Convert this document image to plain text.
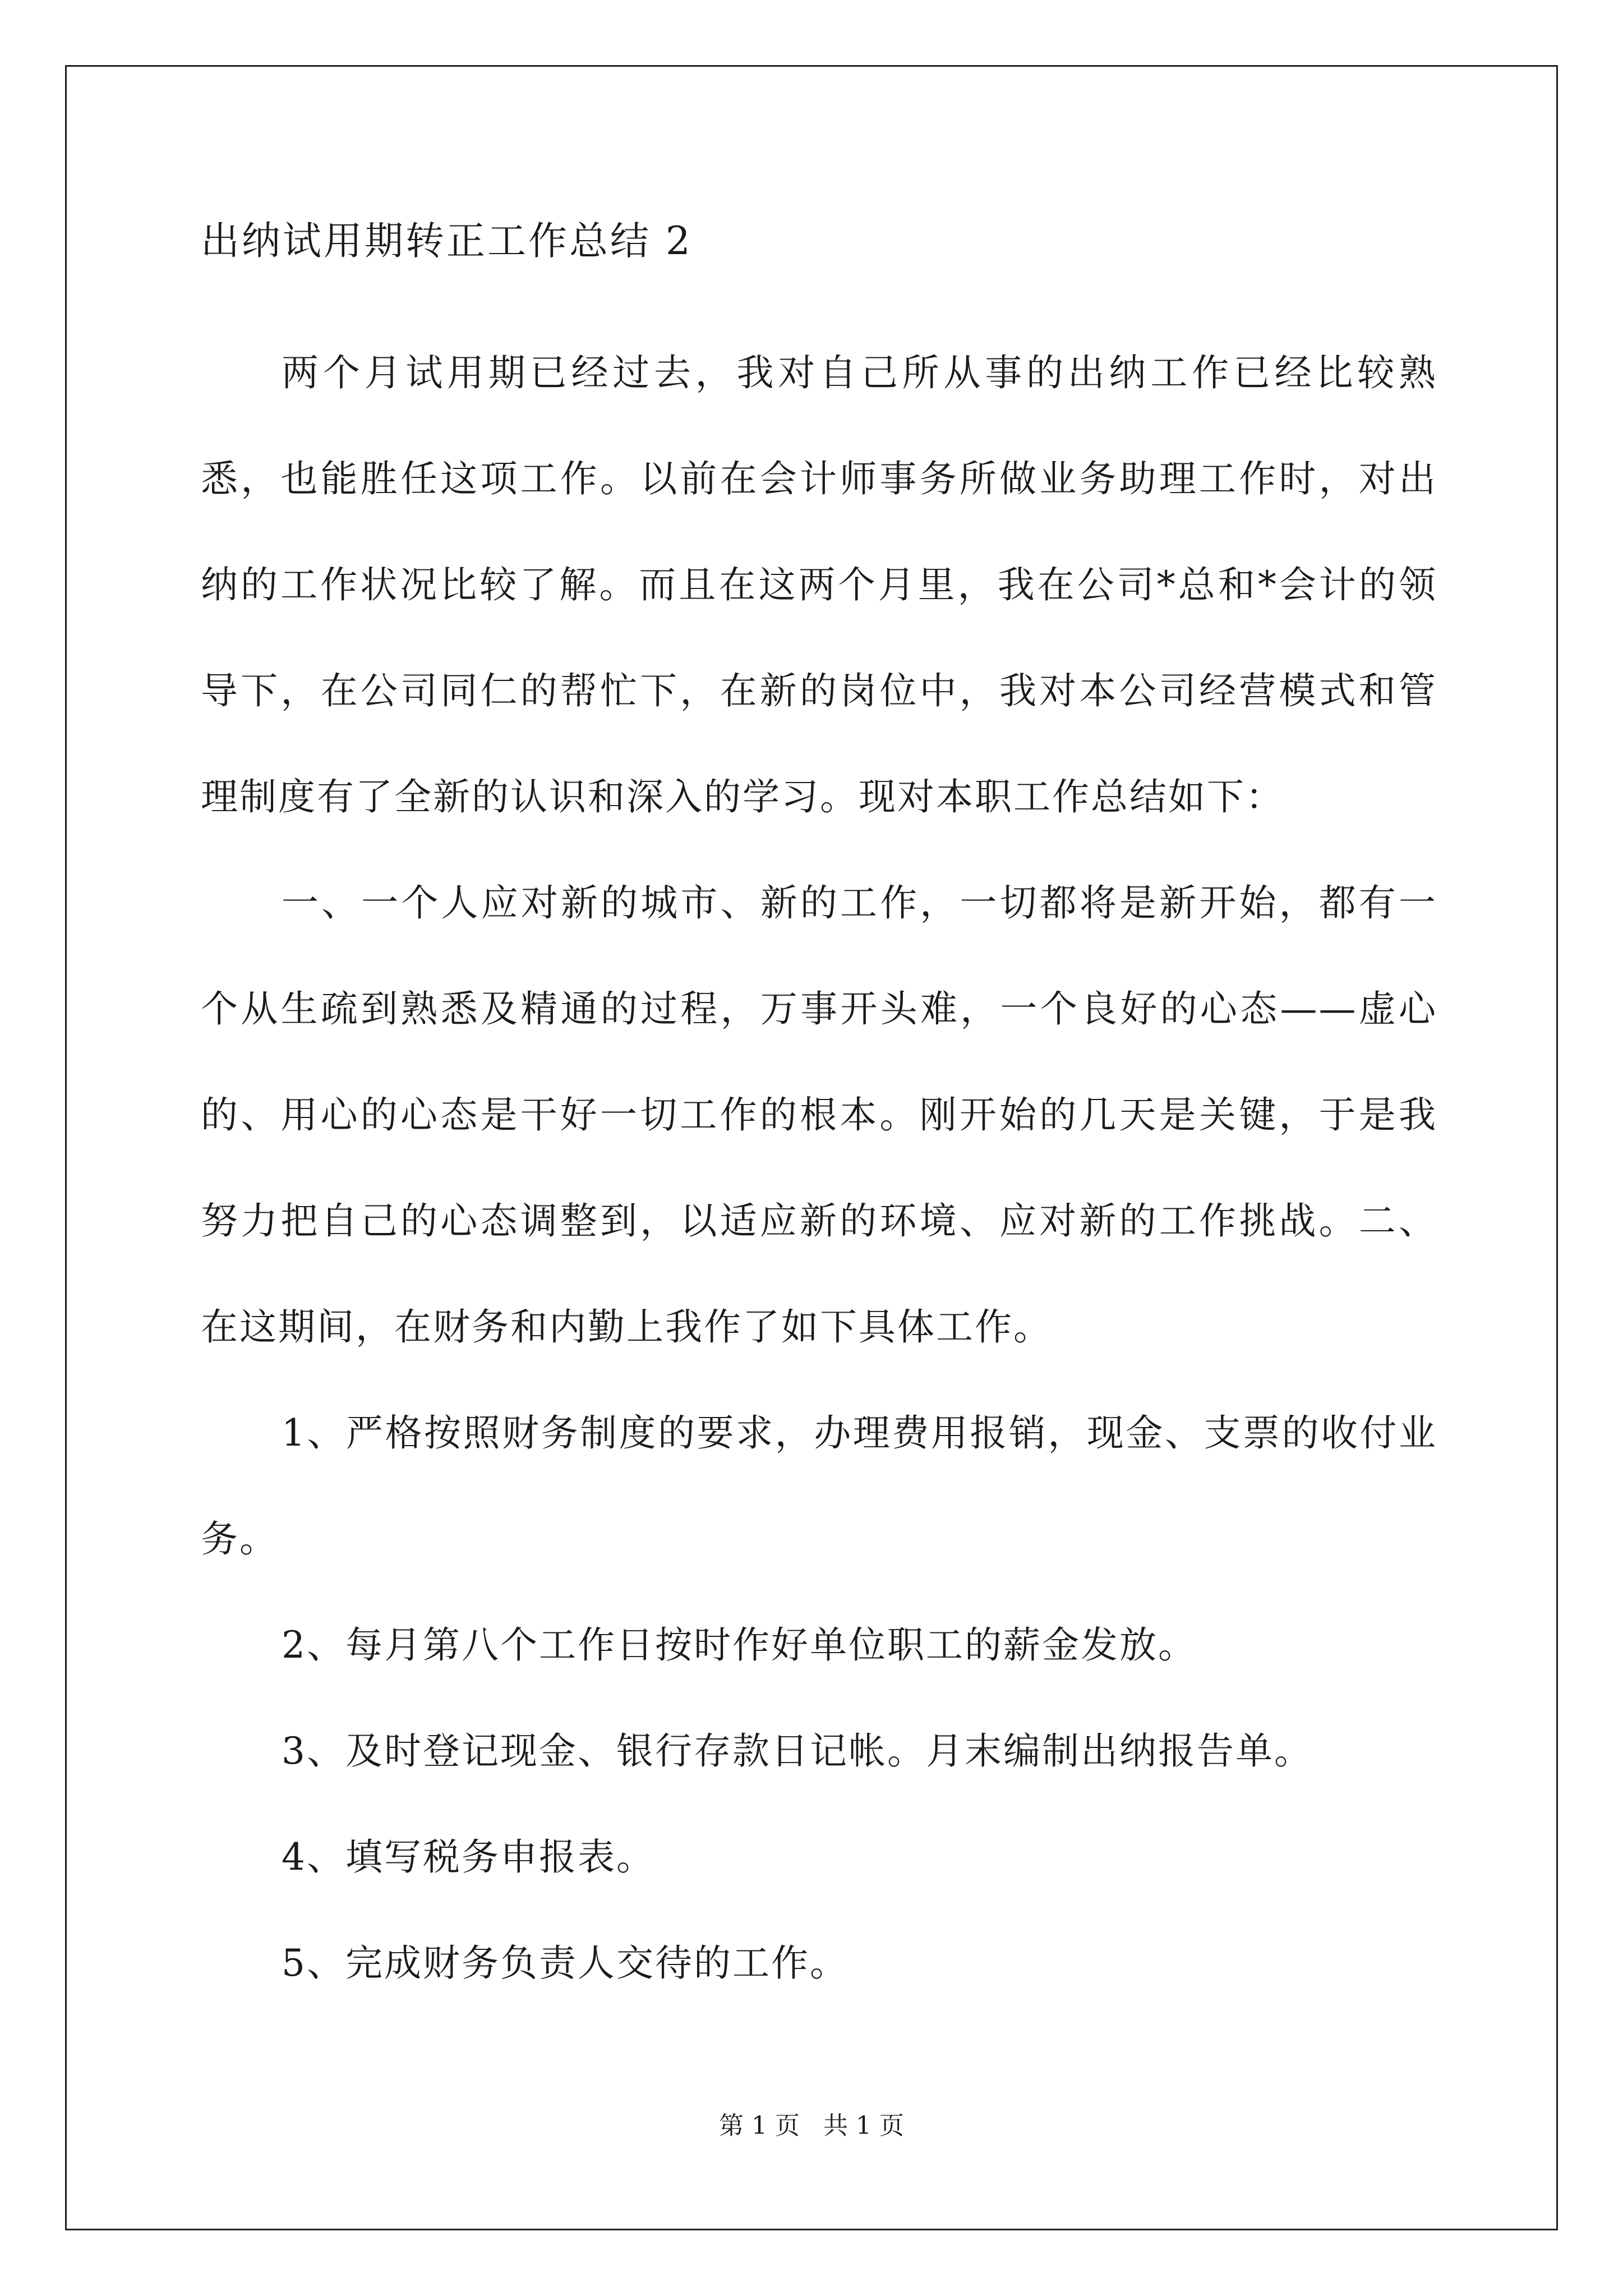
出纳试用期转正工作总结 2

两个月试用期已经过去，我对自己所从事的出纳工作已经比较熟悉，也能胜任这项工作。以前在会计师事务所做业务助理工作时，对出纳的工作状况比较了解。而且在这两个月里，我在公司*总和*会计的领导下，在公司同仁的帮忙下，在新的岗位中，我对本公司经营模式和管理制度有了全新的认识和深入的学习。现对本职工作总结如下：

一、一个人应对新的城市、新的工作，一切都将是新开始，都有一个从生疏到熟悉及精通的过程，万事开头难，一个良好的心态——虚心的、用心的心态是干好一切工作的根本。刚开始的几天是关键，于是我努力把自己的心态调整到，以适应新的环境、应对新的工作挑战。二、在这期间，在财务和内勤上我作了如下具体工作。

1、严格按照财务制度的要求，办理费用报销，现金、支票的收付业务。

2、每月第八个工作日按时作好单位职工的薪金发放。

3、及时登记现金、银行存款日记帐。月末编制出纳报告单。

4、填写税务申报表。

5、完成财务负责人交待的工作。

第 1 页 共 1 页
